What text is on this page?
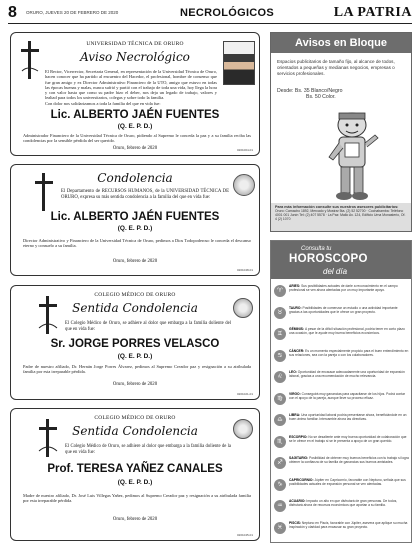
8 ORURO, JUEVES 20 DE FEBRERO DE 2020	NECROLÓGICOS	LA PATRIA
UNIVERSIDAD TÉCNICA DE ORURO
Aviso Necrológico
El Rector, Vicerrector, Secretaria General, en representación de la Universidad Técnica de Oruro, hacen conocer que ha partido al encuentro del Hacedor, el profesional, hombre de consenso que fue gran amigo y ex Director Administrativo Financiero de la UTO, amigo que estuvo en todas las épocas buenas y malas, nunca sufrió y partió con el trabajo de toda una vida, hoy llega la hora y con valor hasta que como su padre hizo el deber, nos deja un legado de trabajo, valores y lealtad para todos los universitarios, colegas y sobre todo la familia.
Con dolor nos solidarizamos a toda la familia del que en vida fue:
Lic. ALBERTO JAÉN FUENTES
(Q. E. P. D.)
Administrador Financiero de la Universidad Técnica de Oruro, pidiendo al Supremo le conceda la paz y a su familia reciba las condolencias por la sensible pérdida del ser querido.
Oruro, febrero de 2020	0201004-01
Condolencia
El Departamento de RECURSOS HUMANOS, de la UNIVERSIDAD TÉCNICA DE ORURO, expresa su más sentida condolencia a la familia del que en vida fue:
Lic. ALBERTO JAÉN FUENTES
(Q. E. P. D.)
Director Administrativo y Financiero de la Universidad Técnica de Oruro, pedimos a Dios Todopoderoso le conceda el descanso eterno y consuelo a su familia.
Oruro, febrero de 2020
0201048-01
COLEGIO MÉDICO DE ORURO
Sentida Condolencia
El Colegio Médico de Oruro, se adhiere al dolor que embarga a la familia doliente del que en vida fue:
Sr. JORGE PORRES VELASCO
(Q. E. P. D.)
Padre de nuestro afiliado, Dr. Hernán Jorge Porres Álvarez, pedimos al Supremo Creador paz y resignación a su atribulada familia por esta irreparable pérdida.
Oruro, febrero de 2020
0201021-01
COLEGIO MÉDICO DE ORURO
Sentida Condolencia
El Colegio Médico de Oruro, se adhiere al dolor que embarga a la familia doliente de la que en vida fue:
Prof. TERESA YAÑEZ CANALES
(Q. E. P. D.)
Madre de nuestro afiliado, Dr. José Luis Villegas Yañez, pedimos al Supremo Creador paz y resignación a su atribulada familia por esta irreparable pérdida.
Oruro, febrero de 2020
0201045-01
Avisos en Bloque
Espacios publicitarios de tamaño fijo, al alcance de todos, orientados a pequeñas y medianas negocios, empresas o servicios profesionales.
Desde: Bs. 35 Blanco/Negro
Bs. 50 Color.
Para más información consulte sus nuestros asesores publicitarios:
Oruro: Camacho 1892, Mercado y Mostrar 5ta. (2) 52 52700 · Cochabamba: Teléfono 4001 001 Junín Tel: (2) 407 5578 · La Paz: Mallo Av. 124, Edificio Urna Monasterio, Of. 4 (2) 1070
Consulta tu
HOROSCOPO
del día
♈
ARIES: Sus posibilidades actuales de darle a reconocimiento en el campo profesional se ven ahora alentadas por un muy importante apoyo.
♉
TAURO: Posibilidades de comenzar un estudio o una actividad importante gracias a las oportunidades que le ofrece un gran proyecto.
♊
GÉMINIS: A pesar de la difícil situación profesional, podría tener en corto plazo una ocasión, que le ayude muy buena beneficios económicos.
♋
CÁNCER: Es un momento especialmente propicio para el buen entendimiento en sus relaciones, sea con la pareja o con los colaboradores.
♌
LEO: Oportunidad de encausar adecuadamente una oportunidad de expansión laboral, gracias a una recomendación de mucho relevancia.
♍
VIRGO: Conseguirá muy ganancias para capacitarse de los hijos. Podrá contar con el apoyo de la pareja, aunque lleve su proceso eficaz.
♎
LIBRA: Una oportunidad laboral podría presentarse ahora, beneficiándole en un buen ánimo familiar. Intercambie ahora las directivas.
♏
ESCORPIO: No se desaliente ante muy buena oportunidad de colaboración que se le ofrece en el trabajo si se le presenta a apoyo de un gran querido.
♐
SAGITARIO: Posibilidad de obtener muy buenos beneficios con tu trabajo si logra obtener la confianza de su familia de ganancias sus buenos amistades.
♑
CAPRICORNIO: Júpiter en Capricornio, favorable con Neptuno, señala que sus posibilidades actuales de expansión personal se ven alentadas.
♒
ACUARIO: Impacto un alto en que disfrutará de gran personas. De todos, disfrutará ahora de recursos económicos que aportan a su familia.
♓
PISCIS: Neptuno en Piscis, favorable con Júpiter, asevera que aplique su mucha inspiración y claridad para encausar su gran proyecto.
